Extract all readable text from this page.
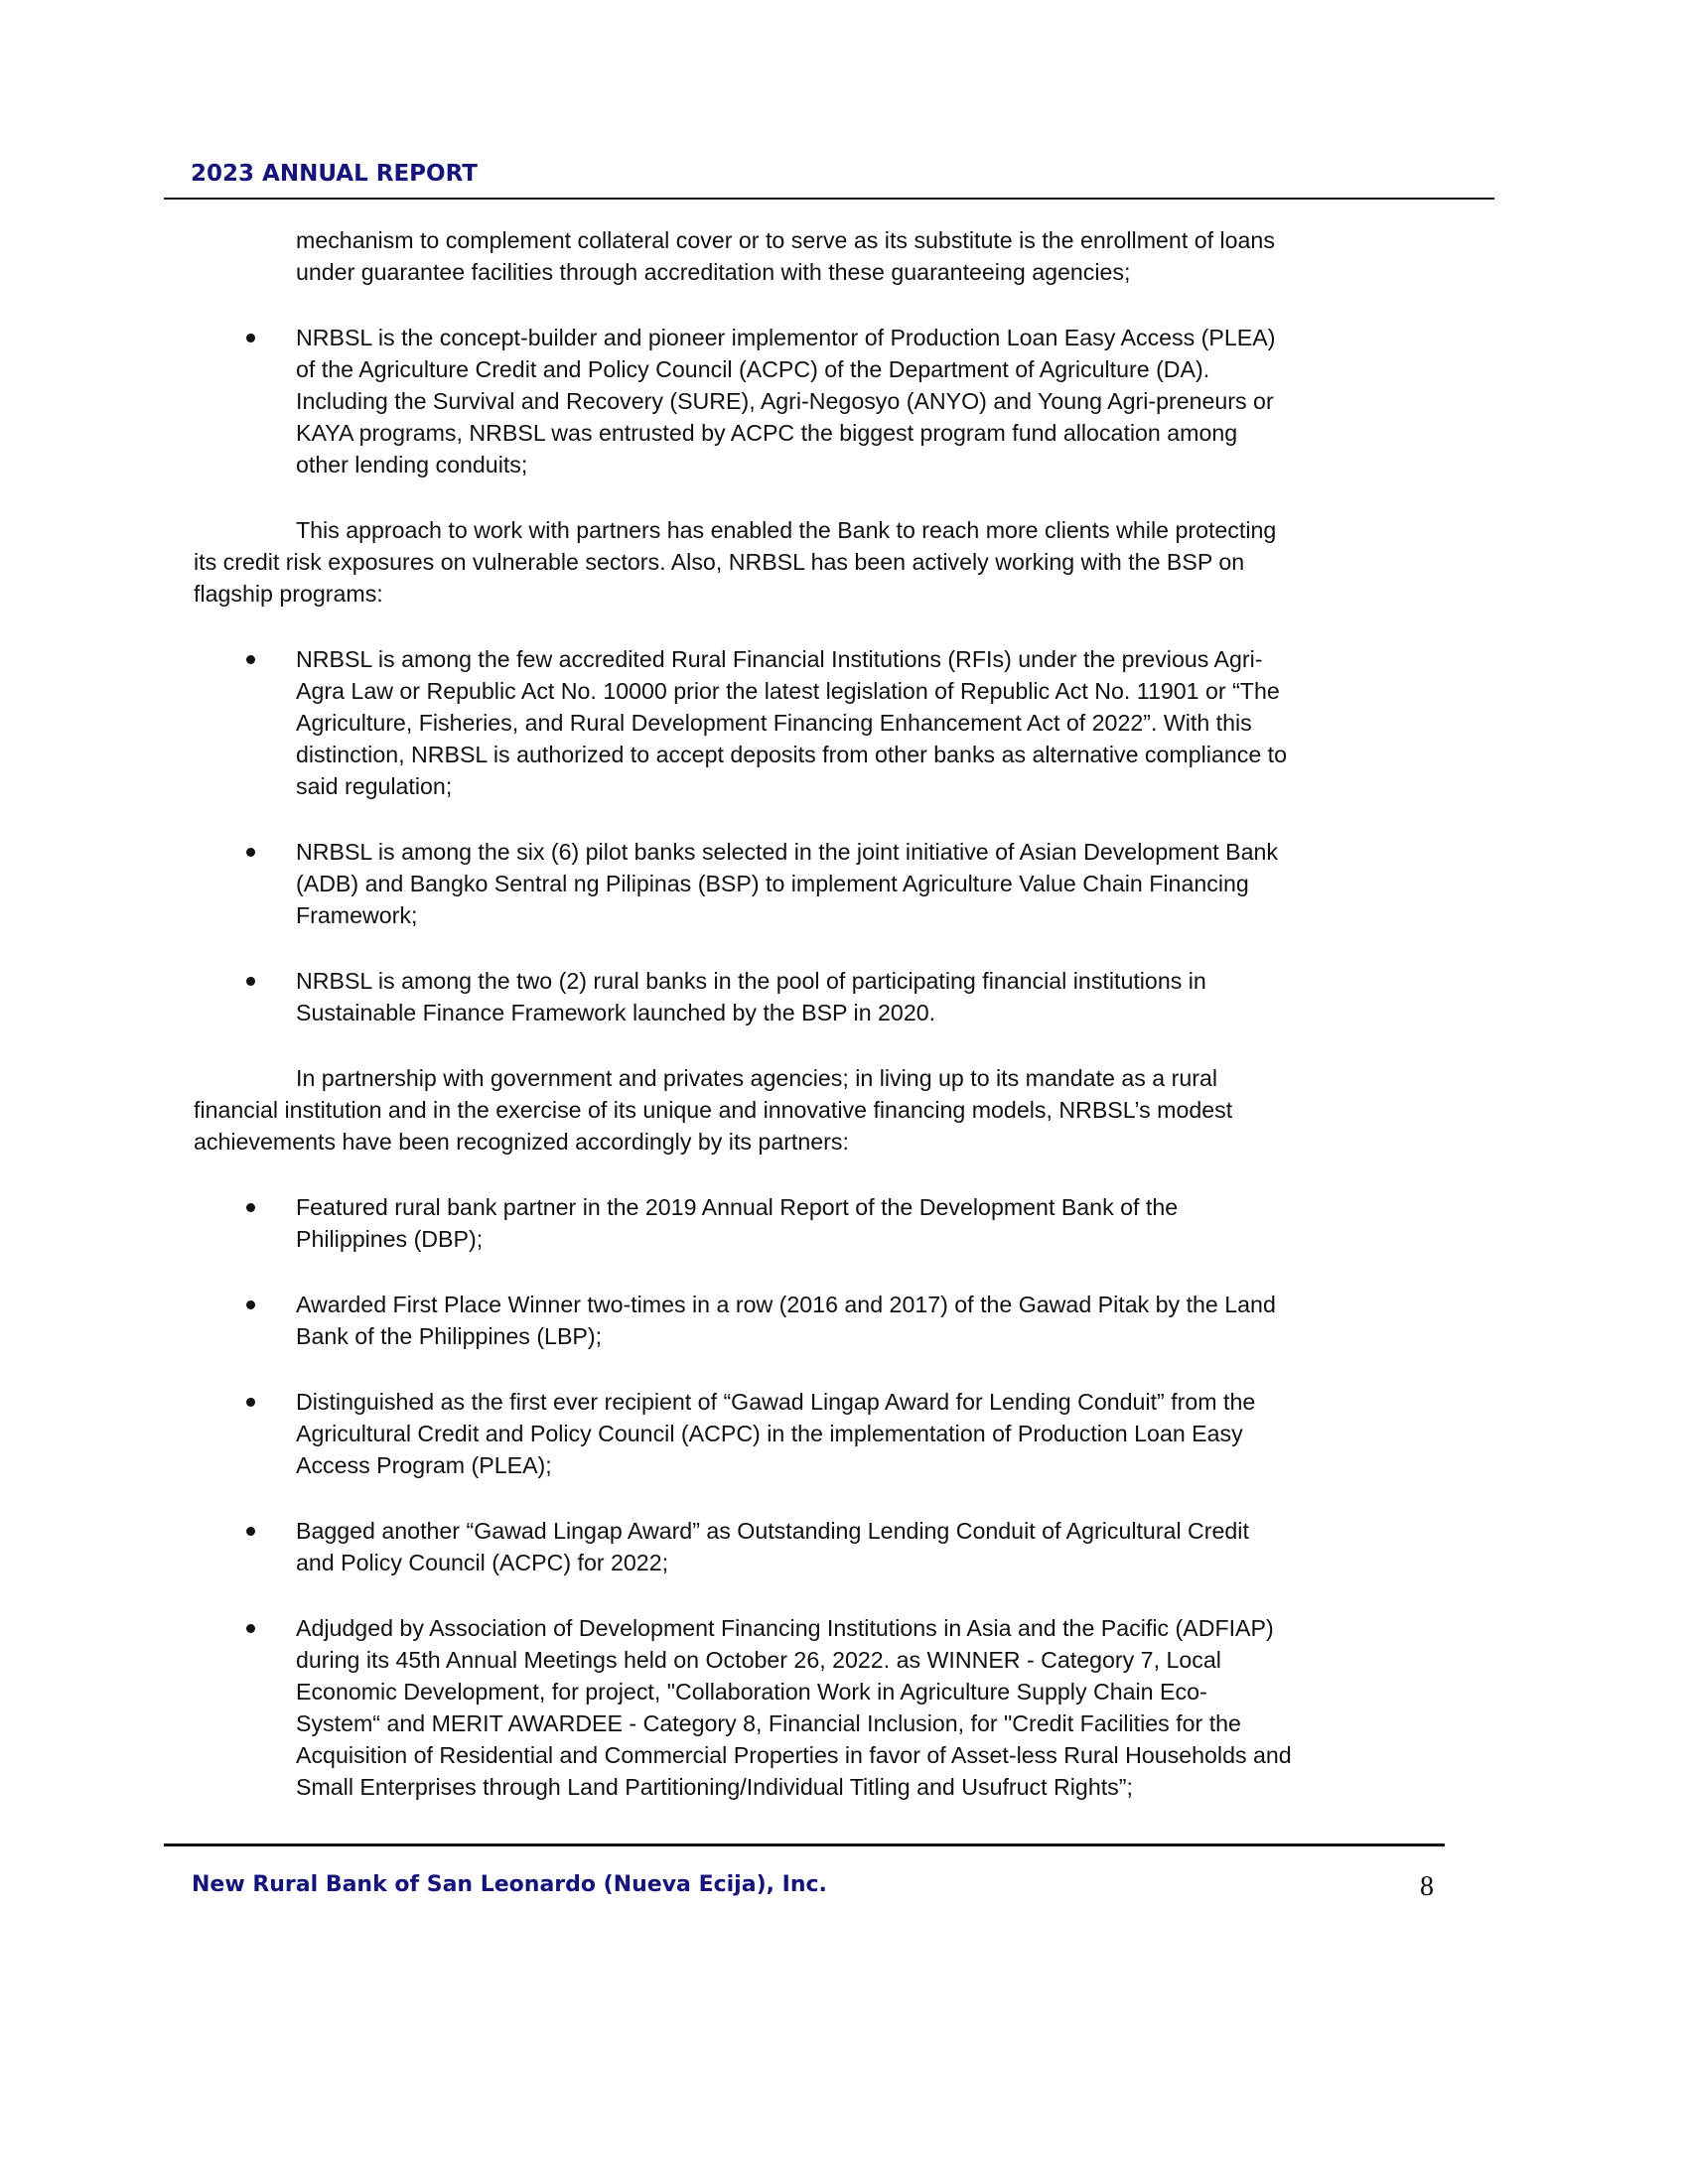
2023 ANNUAL REPORT
mechanism to complement collateral cover or to serve as its substitute is the enrollment of loans
under guarantee facilities through accreditation with these guaranteeing agencies;
NRBSL is the concept-builder and pioneer implementor of Production Loan Easy Access (PLEA)
of the Agriculture Credit and Policy Council (ACPC) of the Department of Agriculture (DA).
Including the Survival and Recovery (SURE), Agri-Negosyo (ANYO) and Young Agri-preneurs or
KAYA programs, NRBSL was entrusted by ACPC the biggest program fund allocation among
other lending conduits;
This approach to work with partners has enabled the Bank to reach more clients while protecting
its credit risk exposures on vulnerable sectors. Also, NRBSL has been actively working with the BSP on
flagship programs:
NRBSL is among the few accredited Rural Financial Institutions (RFIs) under the previous Agri-
Agra Law or Republic Act No. 10000 prior the latest legislation of Republic Act No. 11901 or “The
Agriculture, Fisheries, and Rural Development Financing Enhancement Act of 2022”. With this
distinction, NRBSL is authorized to accept deposits from other banks as alternative compliance to
said regulation;
NRBSL is among the six (6) pilot banks selected in the joint initiative of Asian Development Bank
(ADB) and Bangko Sentral ng Pilipinas (BSP) to implement Agriculture Value Chain Financing
Framework;
NRBSL is among the two (2) rural banks in the pool of participating financial institutions in
Sustainable Finance Framework launched by the BSP in 2020.
In partnership with government and privates agencies; in living up to its mandate as a rural
financial institution and in the exercise of its unique and innovative financing models, NRBSL’s modest
achievements have been recognized accordingly by its partners:
Featured rural bank partner in the 2019 Annual Report of the Development Bank of the
Philippines (DBP);
Awarded First Place Winner two-times in a row (2016 and 2017) of the Gawad Pitak by the Land
Bank of the Philippines (LBP);
Distinguished as the first ever recipient of “Gawad Lingap Award for Lending Conduit” from the
Agricultural Credit and Policy Council (ACPC) in the implementation of Production Loan Easy
Access Program (PLEA);
Bagged another “Gawad Lingap Award” as Outstanding Lending Conduit of Agricultural Credit
and Policy Council (ACPC) for 2022;
Adjudged by Association of Development Financing Institutions in Asia and the Pacific (ADFIAP)
during its 45th Annual Meetings held on October 26, 2022. as WINNER - Category 7, Local
Economic Development, for project, "Collaboration Work in Agriculture Supply Chain Eco-
System“ and MERIT AWARDEE - Category 8, Financial Inclusion, for "Credit Facilities for the
Acquisition of Residential and Commercial Properties in favor of Asset-less Rural Households and
Small Enterprises through Land Partitioning/Individual Titling and Usufruct Rights”;
New Rural Bank of San Leonardo (Nueva Ecija), Inc.	8
